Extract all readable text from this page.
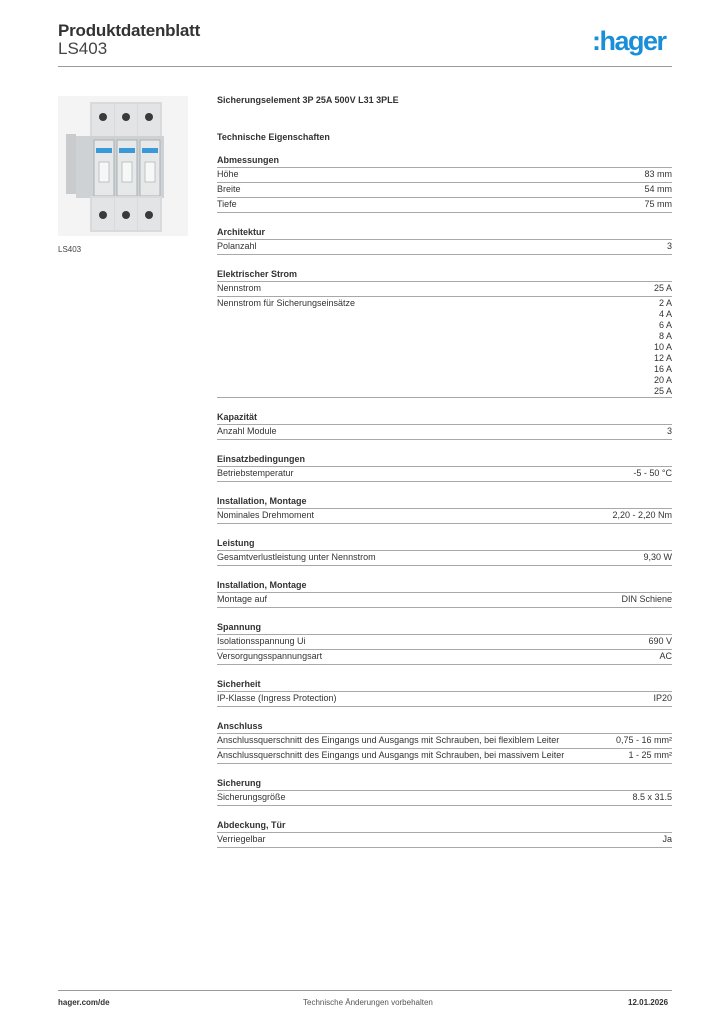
Produktdatenblatt
LS403	:hager
LS403
Sicherungselement 3P 25A 500V L31 3PLE
Technische Eigenschaften
Abmessungen
Höhe	83 mm
Breite	54 mm
Tiefe	75 mm
Architektur
Polanzahl	3
Elektrischer Strom
Nennstrom	25 A
Nennstrom für Sicherungseinsätze	2 A
4 A
6 A
8 A
10 A
12 A
16 A
20 A
25 A
Kapazität
Anzahl Module	3
Einsatzbedingungen
Betriebstemperatur	-5 - 50 °C
Installation, Montage
Nominales Drehmoment	2,20 - 2,20 Nm
Leistung
Gesamtverlustleistung unter Nennstrom	9,30 W
Installation, Montage
Montage auf	DIN Schiene
Spannung
Isolationsspannung Ui	690 V
Versorgungsspannungsart	AC
Sicherheit
IP-Klasse (Ingress Protection)	IP20
Anschluss
Anschlussquerschnitt des Eingangs und Ausgangs mit Schrauben, bei flexiblem Leiter	0,75 - 16 mm²
Anschlussquerschnitt des Eingangs und Ausgangs mit Schrauben, bei massivem Leiter	1 - 25 mm²
Sicherung
Sicherungsgröße	8.5 x 31.5
Abdeckung, Tür
Verriegelbar	Ja
hager.com/de	Technische Änderungen vorbehalten	12.01.2026
